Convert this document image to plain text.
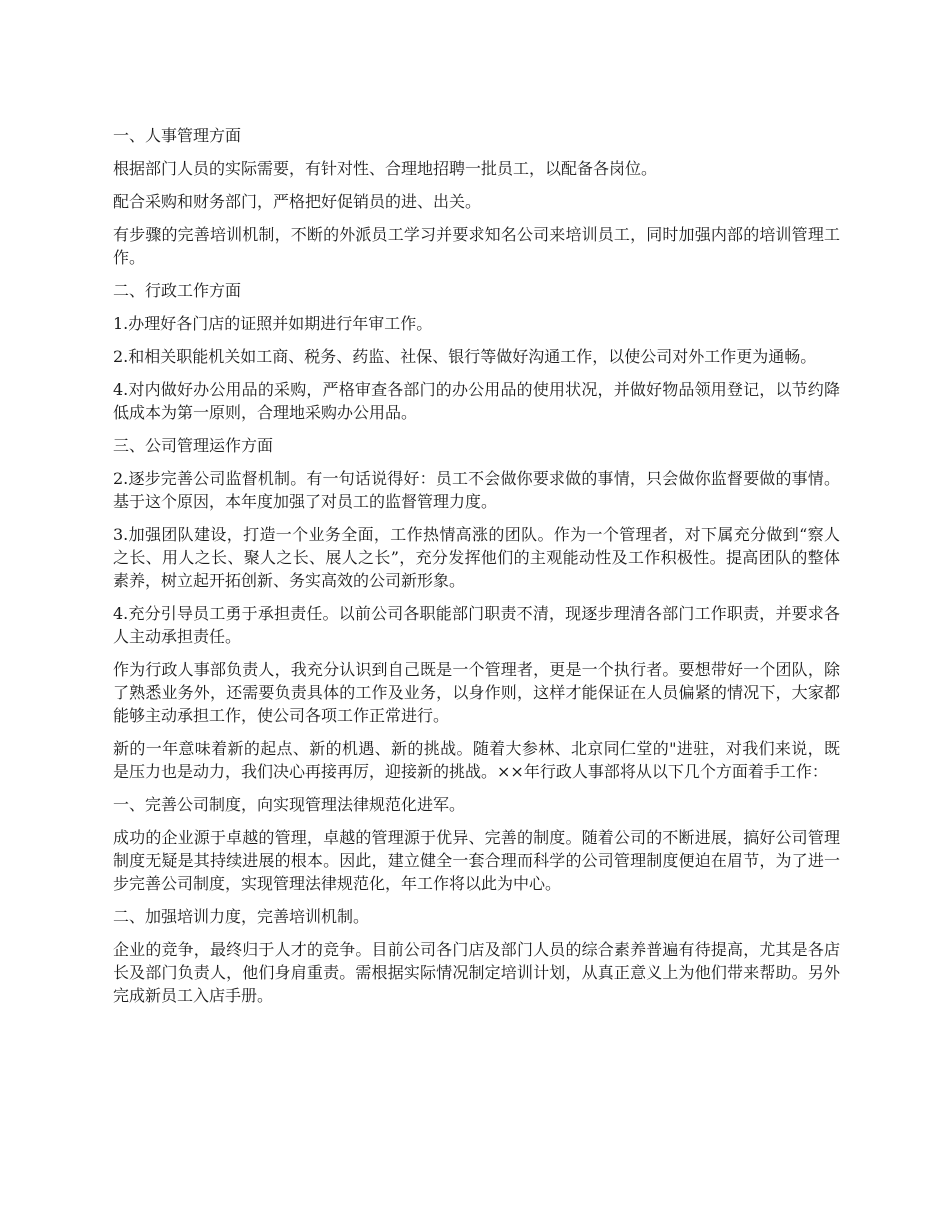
一、人事管理方面

根据部门人员的实际需要，有针对性、合理地招聘一批员工，以配备各岗位。

配合采购和财务部门，严格把好促销员的进、出关。

有步骤的完善培训机制，不断的外派员工学习并要求知名公司来培训员工，同时加强内部的培训管理工作。

二、行政工作方面

1.办理好各门店的证照并如期进行年审工作。

2.和相关职能机关如工商、税务、药监、社保、银行等做好沟通工作，以使公司对外工作更为通畅。

4.对内做好办公用品的采购，严格审查各部门的办公用品的使用状况，并做好物品领用登记，以节约降低成本为第一原则，合理地采购办公用品。

三、公司管理运作方面

2.逐步完善公司监督机制。有一句话说得好：员工不会做你要求做的事情，只会做你监督要做的事情。基于这个原因，本年度加强了对员工的监督管理力度。

3.加强团队建设，打造一个业务全面，工作热情高涨的团队。作为一个管理者，对下属充分做到“察人之长、用人之长、聚人之长、展人之长”，充分发挥他们的主观能动性及工作积极性。提高团队的整体素养，树立起开拓创新、务实高效的公司新形象。

4.充分引导员工勇于承担责任。以前公司各职能部门职责不清，现逐步理清各部门工作职责，并要求各人主动承担责任。

作为行政人事部负责人，我充分认识到自己既是一个管理者，更是一个执行者。要想带好一个团队，除了熟悉业务外，还需要负责具体的工作及业务，以身作则，这样才能保证在人员偏紧的情况下，大家都能够主动承担工作，使公司各项工作正常进行。

新的一年意味着新的起点、新的机遇、新的挑战。随着大参林、北京同仁堂的"进驻，对我们来说，既是压力也是动力，我们决心再接再厉，迎接新的挑战。××年行政人事部将从以下几个方面着手工作：

一、完善公司制度，向实现管理法律规范化进军。

成功的企业源于卓越的管理，卓越的管理源于优异、完善的制度。随着公司的不断进展，搞好公司管理制度无疑是其持续进展的根本。因此，建立健全一套合理而科学的公司管理制度便迫在眉节，为了进一步完善公司制度，实现管理法律规范化，年工作将以此为中心。

二、加强培训力度，完善培训机制。

企业的竞争，最终归于人才的竞争。目前公司各门店及部门人员的综合素养普遍有待提高，尤其是各店长及部门负责人，他们身肩重责。需根据实际情况制定培训计划，从真正意义上为他们带来帮助。另外完成新员工入店手册。
